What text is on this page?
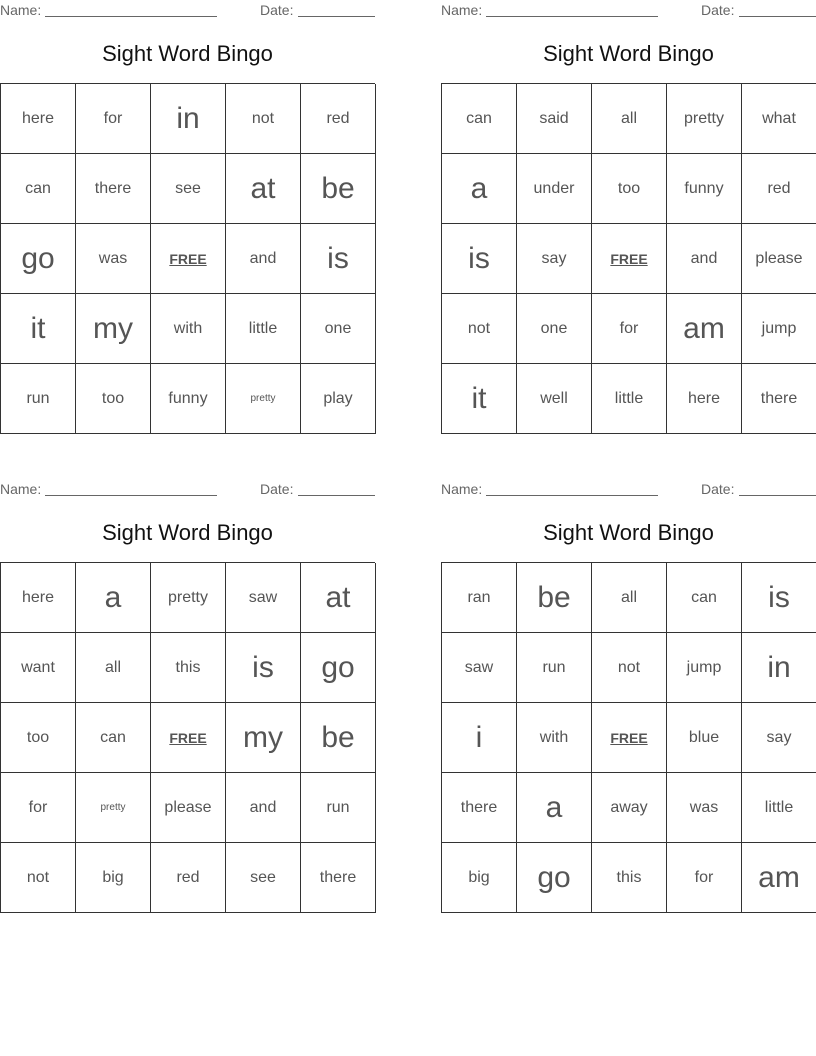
Name:	Date:
Sight Word Bingo
here	for	in	not	red
can	there	see	at	be
go	was	FREE	and	is
it	my	with	little	one
run	too	funny	pretty	play
Name:	Date:
Sight Word Bingo
can	said	all	pretty	what
a	under	too	funny	red
is	say	FREE	and	please
not	one	for	am	jump
it	well	little	here	there
Name:	Date:
Sight Word Bingo
here	a	pretty	saw	at
want	all	this	is	go
too	can	FREE	my	be
for	pretty	please	and	run
not	big	red	see	there
Name:	Date:
Sight Word Bingo
ran	be	all	can	is
saw	run	not	jump	in
i	with	FREE	blue	say
there	a	away	was	little
big	go	this	for	am
